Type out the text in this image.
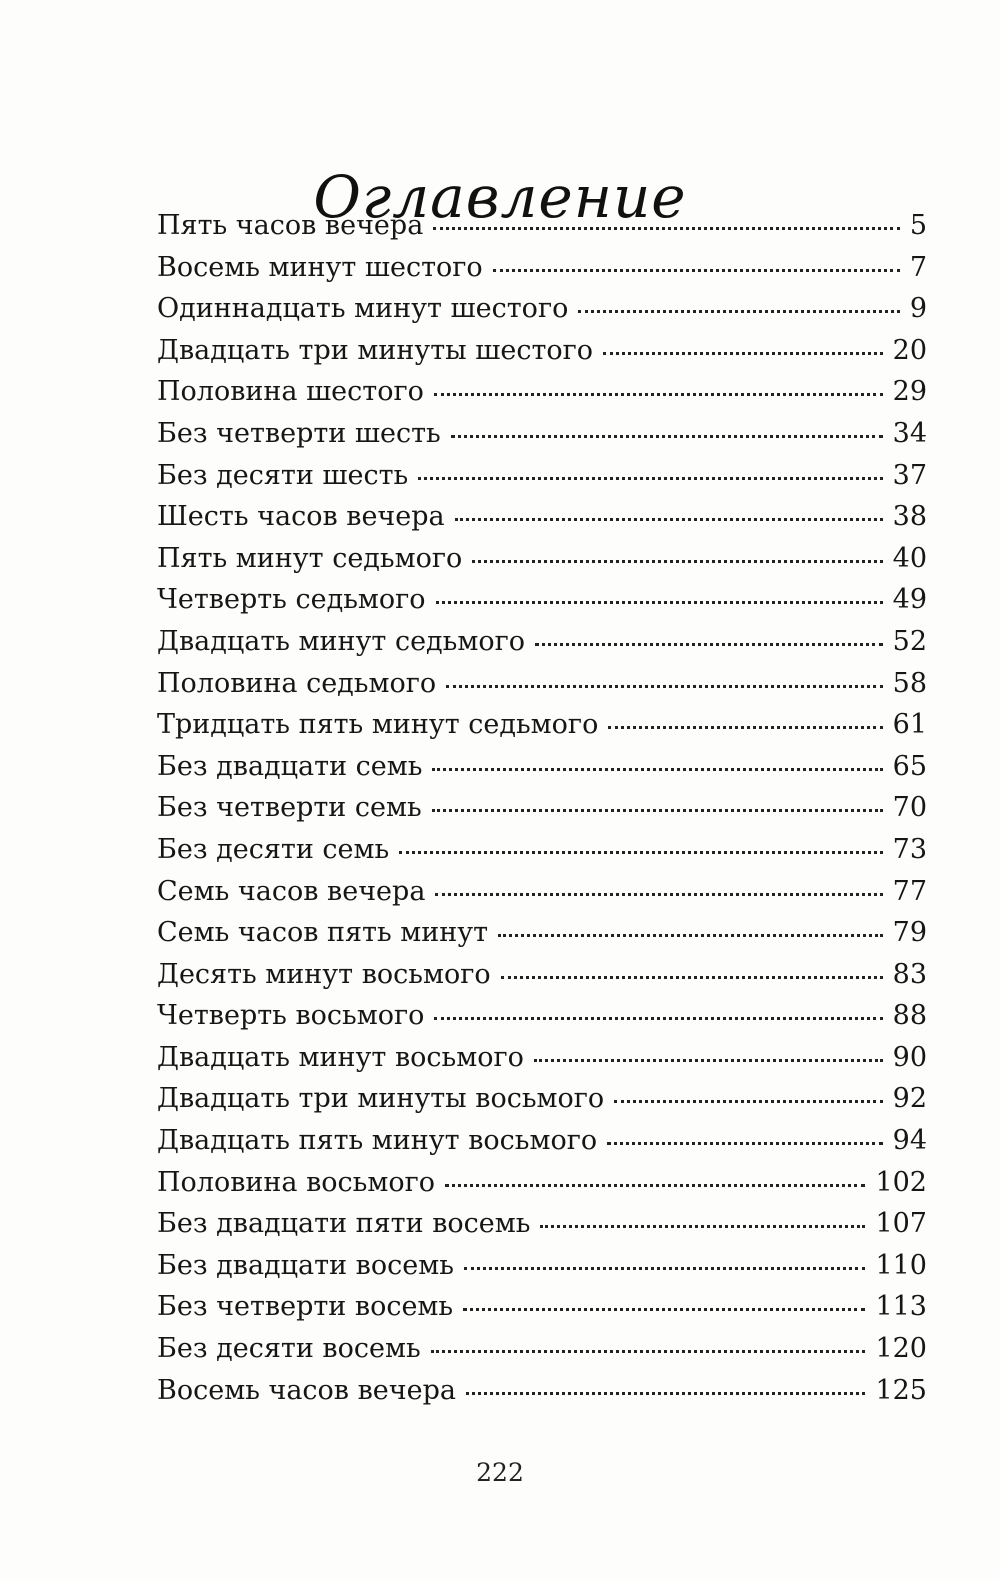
Оглавление
Пять часов вечера	5
Восемь минут шестого	7
Одиннадцать минут шестого	9
Двадцать три минуты шестого	20
Половина шестого	29
Без четверти шесть	34
Без десяти шесть	37
Шесть часов вечера	38
Пять минут седьмого	40
Четверть седьмого	49
Двадцать минут седьмого	52
Половина седьмого	58
Тридцать пять минут седьмого	61
Без двадцати семь	65
Без четверти семь	70
Без десяти семь	73
Семь часов вечера	77
Семь часов пять минут	79
Десять минут восьмого	83
Четверть восьмого	88
Двадцать минут восьмого	90
Двадцать три минуты восьмого	92
Двадцать пять минут восьмого	94
Половина восьмого	102
Без двадцати пяти восемь	107
Без двадцати восемь	110
Без четверти восемь	113
Без десяти восемь	120
Восемь часов вечера	125
222
